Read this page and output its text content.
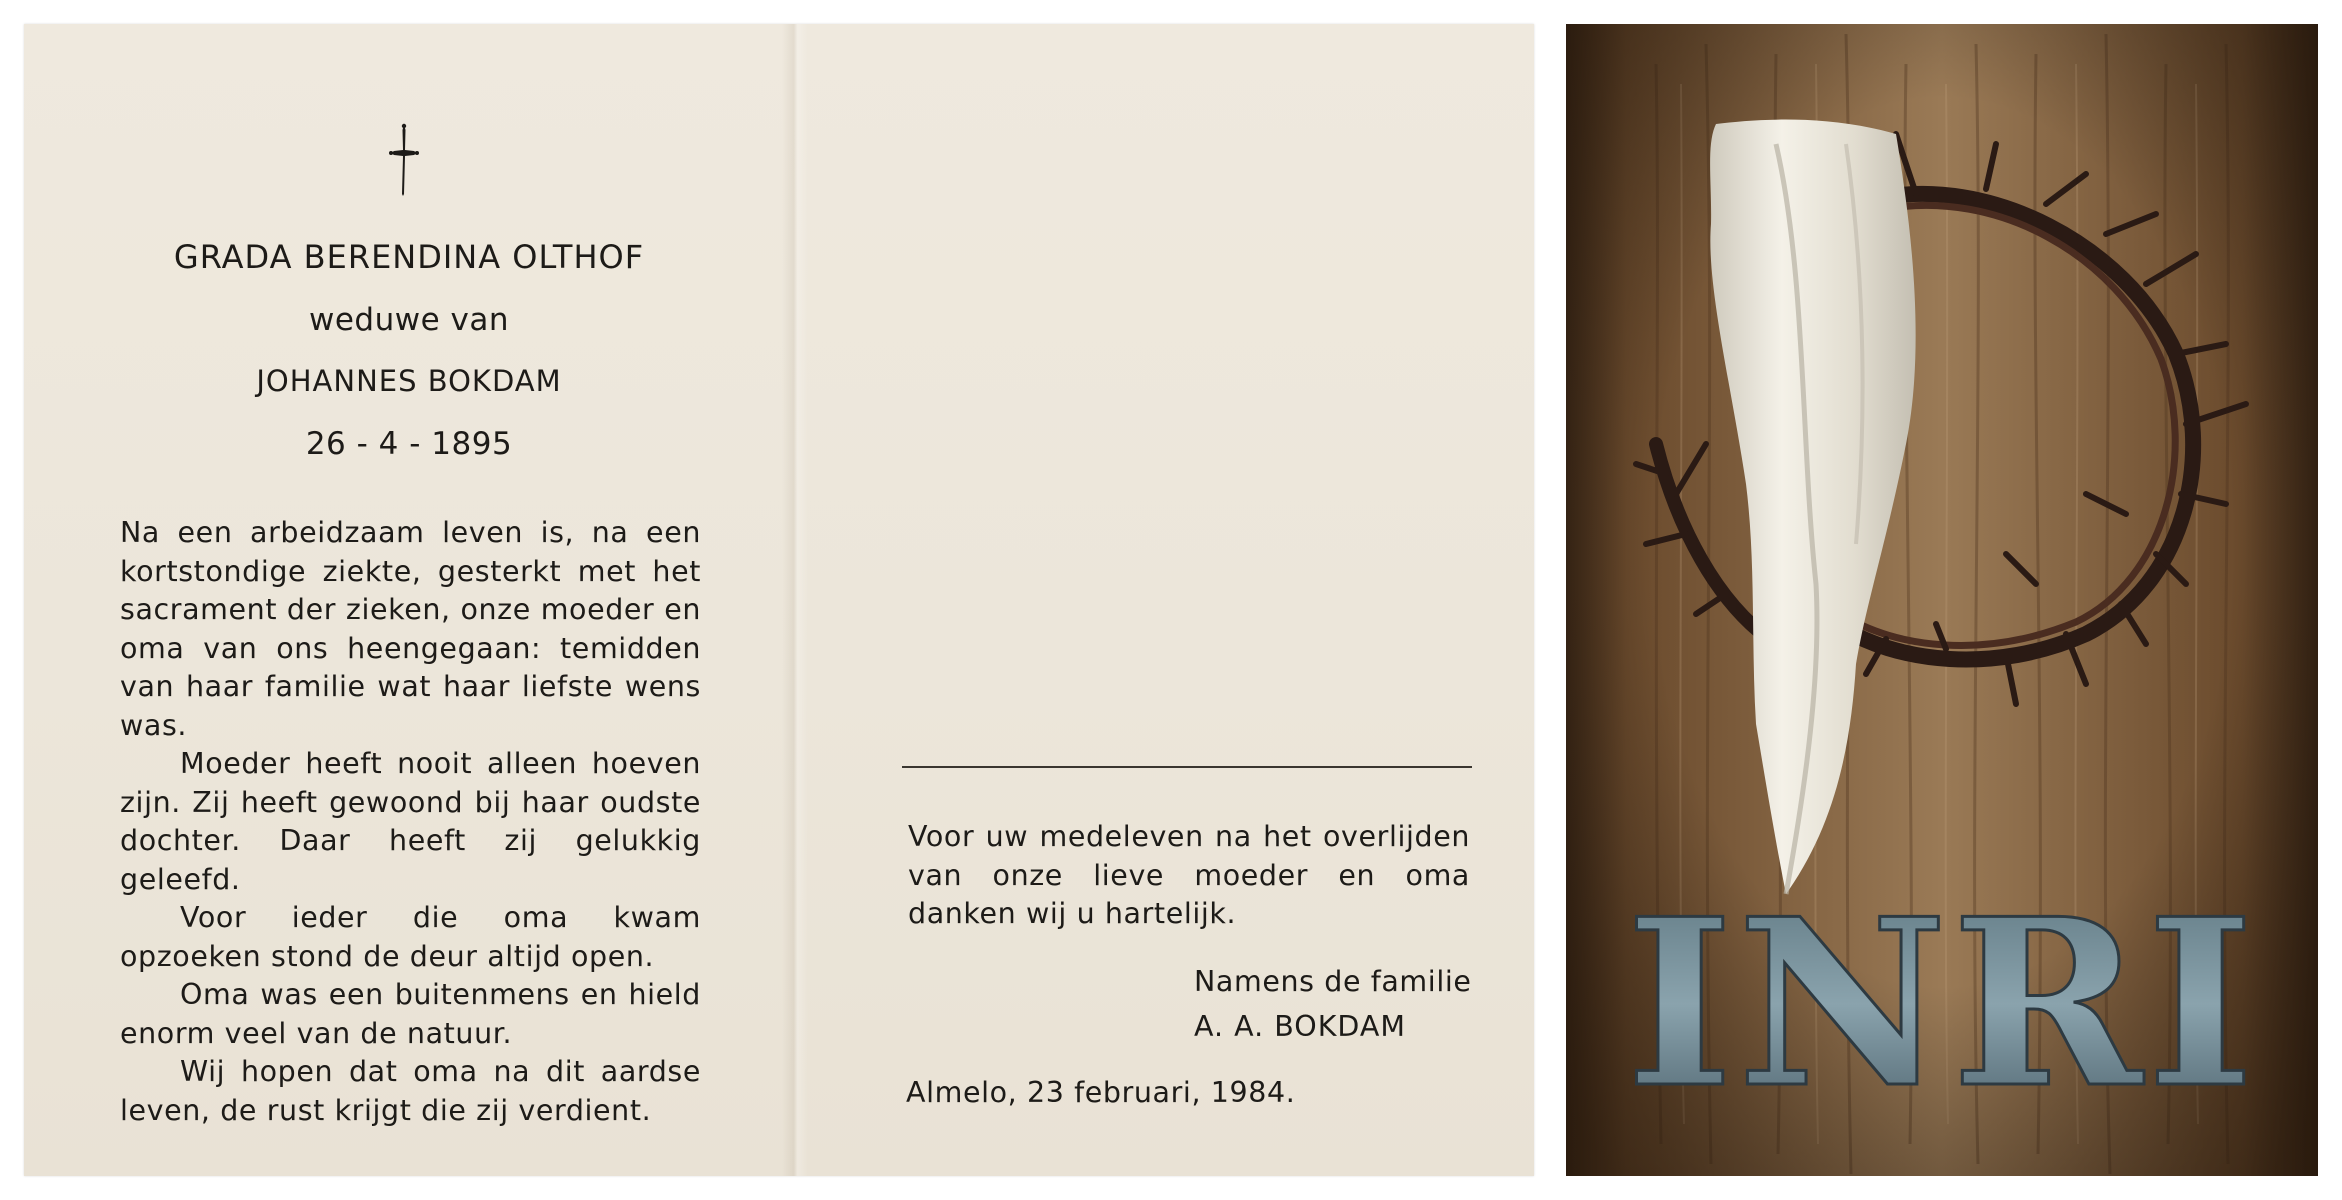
GRADA BERENDINA OLTHOF
weduwe van
JOHANNES BOKDAM
26 - 4 - 1895

Na een arbeidzaam leven is, na een kortstondige ziekte, gesterkt met het sacrament der zieken, onze moeder en oma van ons heengegaan: temidden van haar familie wat haar liefste wens was.

Moeder heeft nooit alleen hoeven zijn. Zij heeft gewoond bij haar oudste dochter. Daar heeft zij gelukkig geleefd.

Voor ieder die oma kwam opzoeken stond de deur altijd open.

Oma was een buitenmens en hield enorm veel van de natuur.

Wij hopen dat oma na dit aardse leven, de rust krijgt die zij verdient.

Voor uw medeleven na het overlijden van onze lieve moeder en oma danken wij u hartelijk.
Namens de familie
A. A. BOKDAM
Almelo, 23 februari, 1984. INRI
